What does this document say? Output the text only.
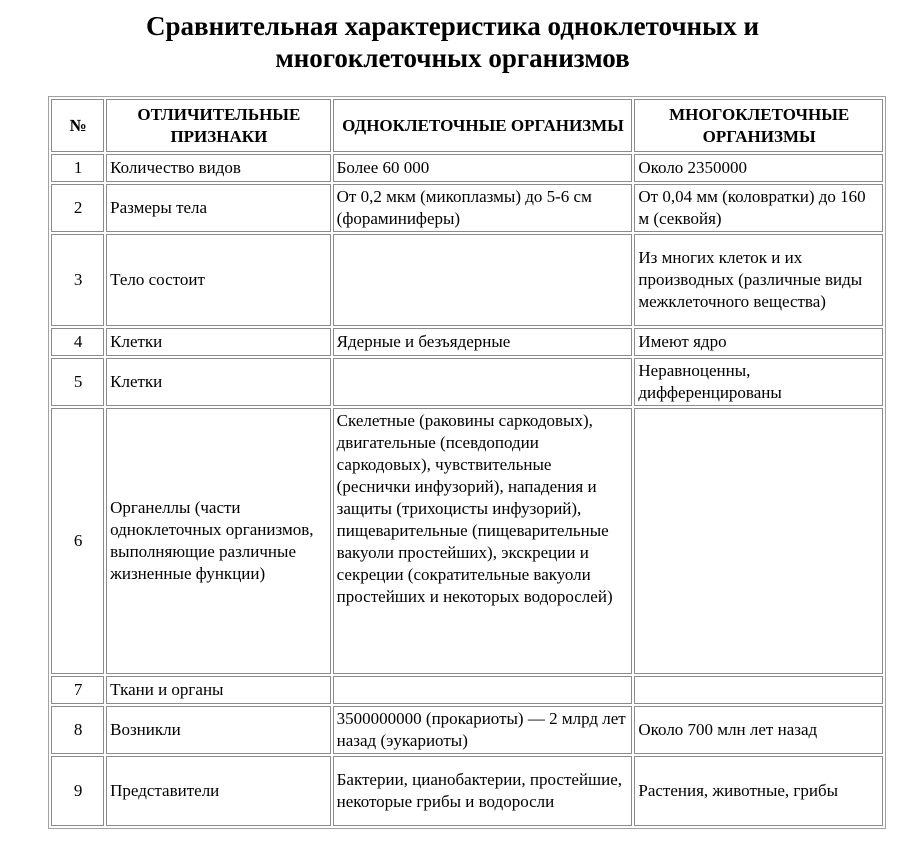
Сравнительная характеристика одноклеточных и
многоклеточных организмов
№	ОТЛИЧИТЕЛЬНЫЕ ПРИЗНАКИ	ОДНОКЛЕТОЧНЫЕ ОРГАНИЗМЫ	МНОГОКЛЕТОЧНЫЕ ОРГАНИЗМЫ
1	Количество видов	Более 60 000	Около 2350000
2	Размеры тела	От 0,2 мкм (микоплазмы) до 5-6 см (фораминиферы)	От 0,04 мм (коловратки) до 160 м (секвойя)
3	Тело состоит		Из многих клеток и их производных (различные виды межклеточного вещества)
4	Клетки	Ядерные и безъядерные	Имеют ядро
5	Клетки		Неравноценны, дифференцированы
6	Органеллы (части одноклеточных организмов, выполняющие различные жизненные функции)	Скелетные (раковины саркодовых), двигательные (псевдоподии саркодовых), чувствительные (реснички инфузорий), нападения и защиты (трихоцисты инфузорий), пищеварительные (пищеварительные вакуоли простейших), экскреции и секреции (сократительные вакуоли простейших и некоторых водорослей)	
7	Ткани и органы		
8	Возникли	3500000000 (прокариоты) — 2 млрд лет назад (эукариоты)	Около 700 млн лет назад
9	Представители	Бактерии, цианобактерии, простейшие, некоторые грибы и водоросли	Растения, животные, грибы
